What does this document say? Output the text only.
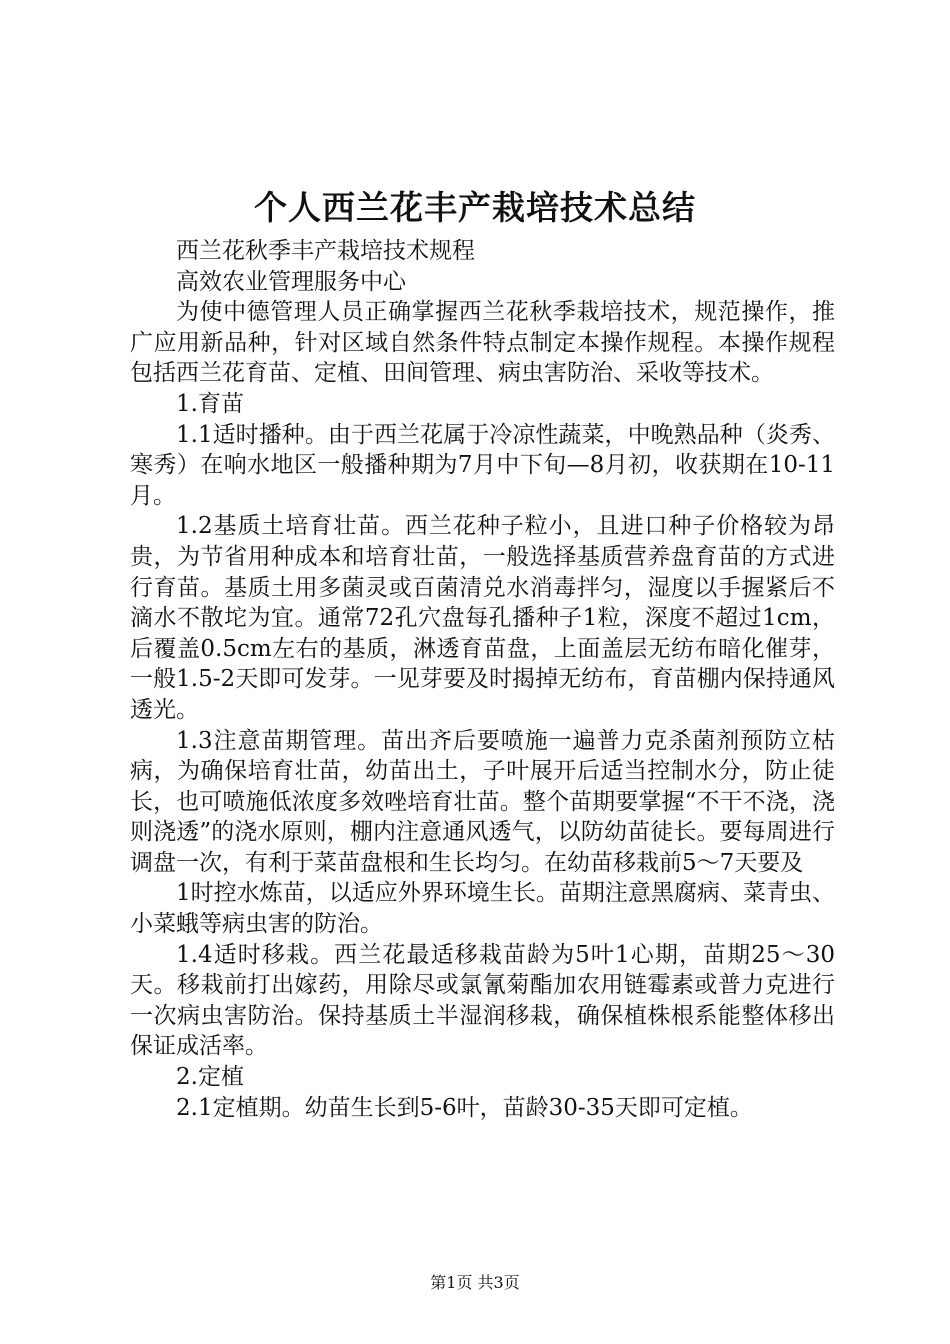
个人西兰花丰产栽培技术总结

西兰花秋季丰产栽培技术规程

高效农业管理服务中心

为使中德管理人员正确掌握西兰花秋季栽培技术，规范操作，推广应用新品种，针对区域自然条件特点制定本操作规程。本操作规程包括西兰花育苗、定植、田间管理、病虫害防治、采收等技术。

1.育苗

1.1适时播种。由于西兰花属于冷凉性蔬菜，中晚熟品种（炎秀、寒秀）在响水地区一般播种期为7月中下旬—8月初，收获期在10-11月。

1.2基质土培育壮苗。西兰花种子粒小，且进口种子价格较为昂贵，为节省用种成本和培育壮苗，一般选择基质营养盘育苗的方式进行育苗。基质土用多菌灵或百菌清兑水消毒拌匀，湿度以手握紧后不滴水不散坨为宜。通常72孔穴盘每孔播种子1粒，深度不超过1cm，后覆盖0.5cm左右的基质，淋透育苗盘，上面盖层无纺布暗化催芽，一般1.5-2天即可发芽。一见芽要及时揭掉无纺布，育苗棚内保持通风透光。

1.3注意苗期管理。苗出齐后要喷施一遍普力克杀菌剂预防立枯病，为确保培育壮苗，幼苗出土，子叶展开后适当控制水分，防止徒长，也可喷施低浓度多效唑培育壮苗。整个苗期要掌握“不干不浇，浇则浇透”的浇水原则，棚内注意通风透气，以防幼苗徒长。要每周进行调盘一次，有利于菜苗盘根和生长均匀。在幼苗移栽前5～7天要及

1时控水炼苗，以适应外界环境生长。苗期注意黑腐病、菜青虫、小菜蛾等病虫害的防治。

1.4适时移栽。西兰花最适移栽苗龄为5叶1心期，苗期25～30天。移栽前打出嫁药，用除尽或氯氰菊酯加农用链霉素或普力克进行一次病虫害防治。保持基质土半湿润移栽，确保植株根系能整体移出保证成活率。

2.定植

2.1定植期。幼苗生长到5-6叶，苗龄30-35天即可定植。

第1页 共3页
